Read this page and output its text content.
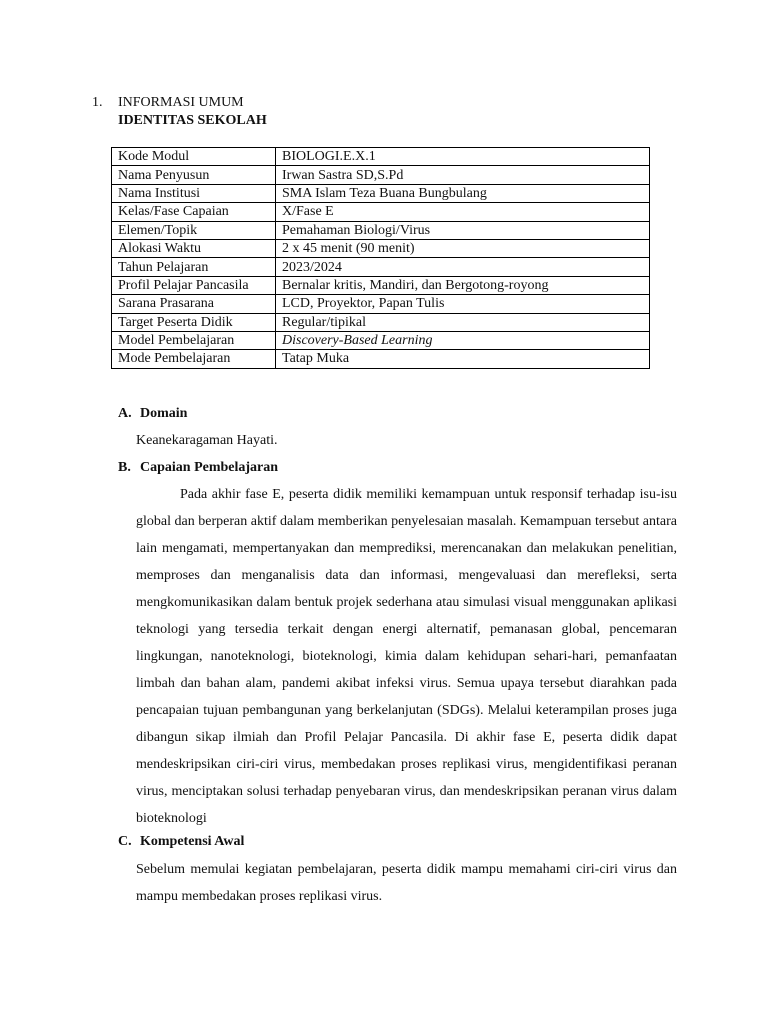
1. INFORMASI UMUM
IDENTITAS SEKOLAH
Kode Modul	BIOLOGI.E.X.1
Nama Penyusun	Irwan Sastra SD,S.Pd
Nama Institusi	SMA Islam Teza Buana Bungbulang
Kelas/Fase Capaian	X/Fase E
Elemen/Topik	Pemahaman Biologi/Virus
Alokasi Waktu	2 x 45 menit (90 menit)
Tahun Pelajaran	2023/2024
Profil Pelajar Pancasila	Bernalar kritis, Mandiri, dan Bergotong-royong
Sarana Prasarana	LCD, Proyektor, Papan Tulis
Target Peserta Didik	Regular/tipikal
Model Pembelajaran	Discovery-Based Learning
Mode Pembelajaran	Tatap Muka
A. Domain
Keanekaragaman Hayati.
B. Capaian Pembelajaran
Pada akhir fase E, peserta didik memiliki kemampuan untuk responsif terhadap isu-isu global dan berperan aktif dalam memberikan penyelesaian masalah. Kemampuan tersebut antara lain mengamati, mempertanyakan dan memprediksi, merencanakan dan melakukan penelitian, memproses dan menganalisis data dan informasi, mengevaluasi dan merefleksi, serta mengkomunikasikan dalam bentuk projek sederhana atau simulasi visual menggunakan aplikasi teknologi yang tersedia terkait dengan energi alternatif, pemanasan global, pencemaran lingkungan, nanoteknologi, bioteknologi, kimia dalam kehidupan sehari-hari, pemanfaatan limbah dan bahan alam, pandemi akibat infeksi virus. Semua upaya tersebut diarahkan pada pencapaian tujuan pembangunan yang berkelanjutan (SDGs). Melalui keterampilan proses juga dibangun sikap ilmiah dan Profil Pelajar Pancasila. Di akhir fase E, peserta didik dapat mendeskripsikan ciri-ciri virus, membedakan proses replikasi virus, mengidentifikasi peranan virus, menciptakan solusi terhadap penyebaran virus, dan mendeskripsikan peranan virus dalam bioteknologi
C. Kompetensi Awal
Sebelum memulai kegiatan pembelajaran, peserta didik mampu memahami ciri-ciri virus dan mampu membedakan proses replikasi virus.
